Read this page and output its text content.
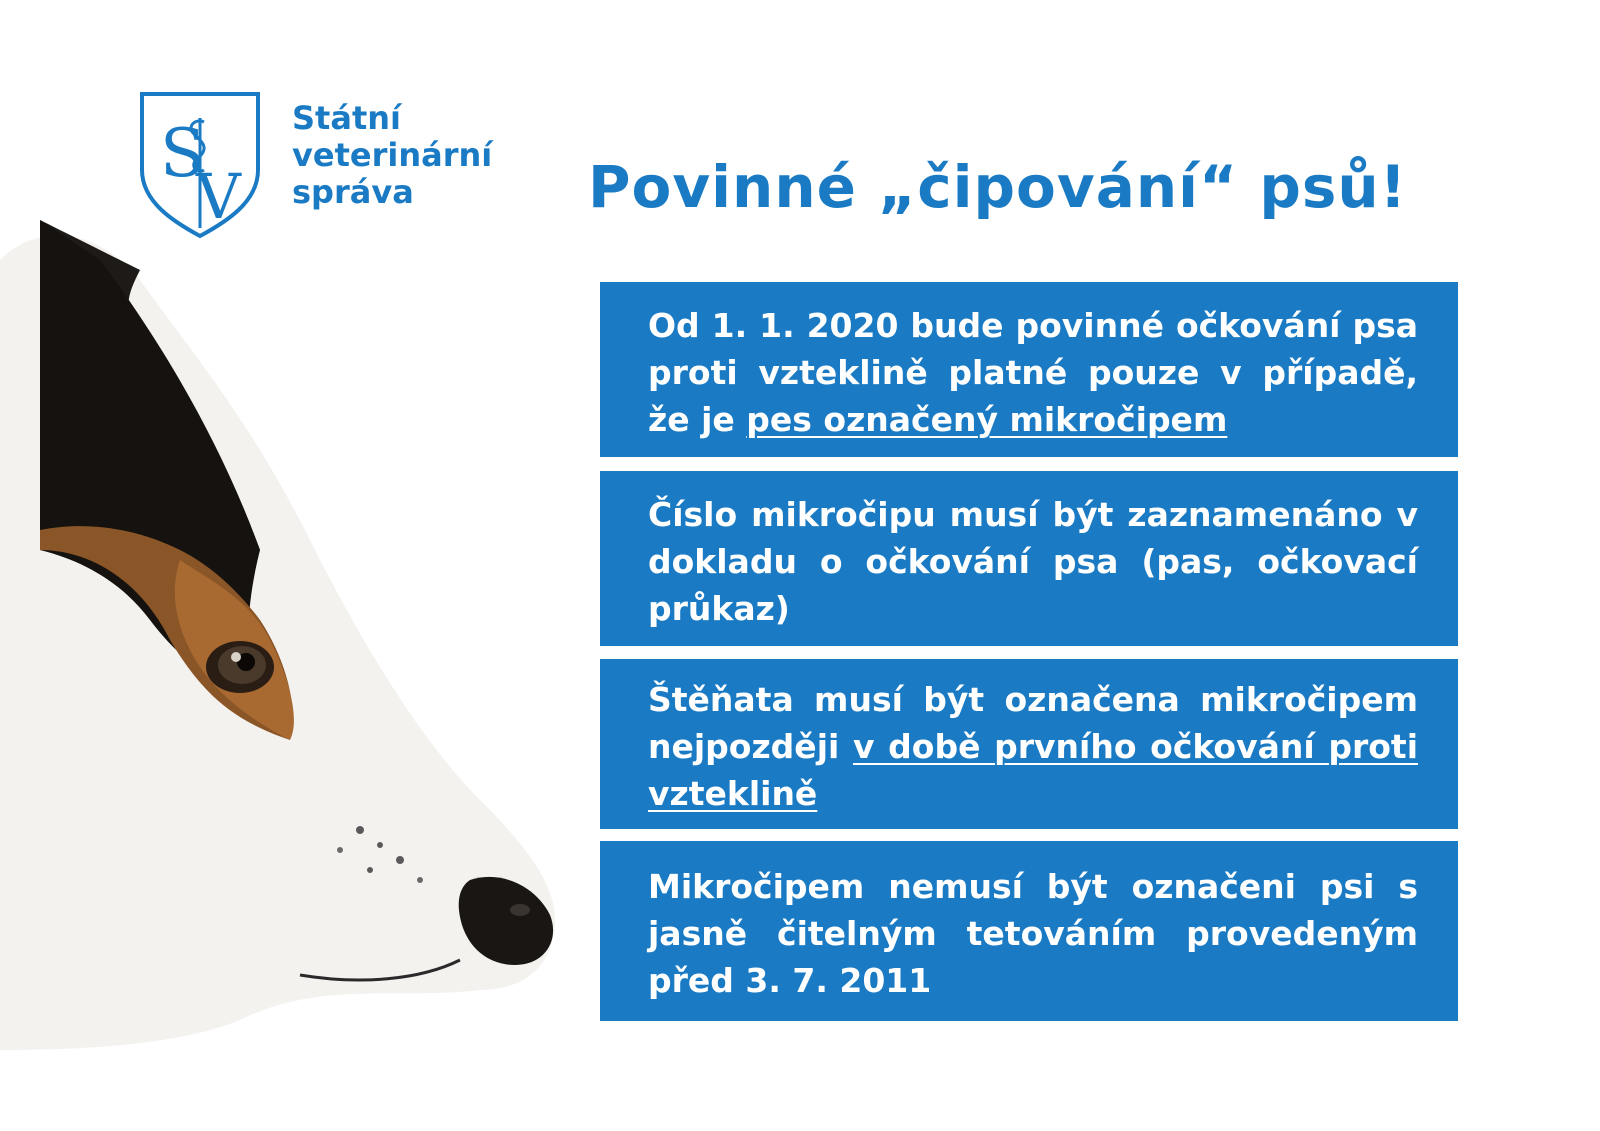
S
V
Státní
veterinární
správa	Povinné „čipování“ psů!

Od 1. 1. 2020 bude povinné očkování psa proti vzteklině platné pouze v případě, že je pes označený mikročipem

Číslo mikročipu musí být zaznamenáno v dokladu o očkování psa (pas, očkovací průkaz)

Štěňata musí být označena mikročipem nejpozději v době prvního očkování proti vzteklině

Mikročipem nemusí být označeni psi s jasně čitelným tetováním provedeným před 3. 7. 2011
